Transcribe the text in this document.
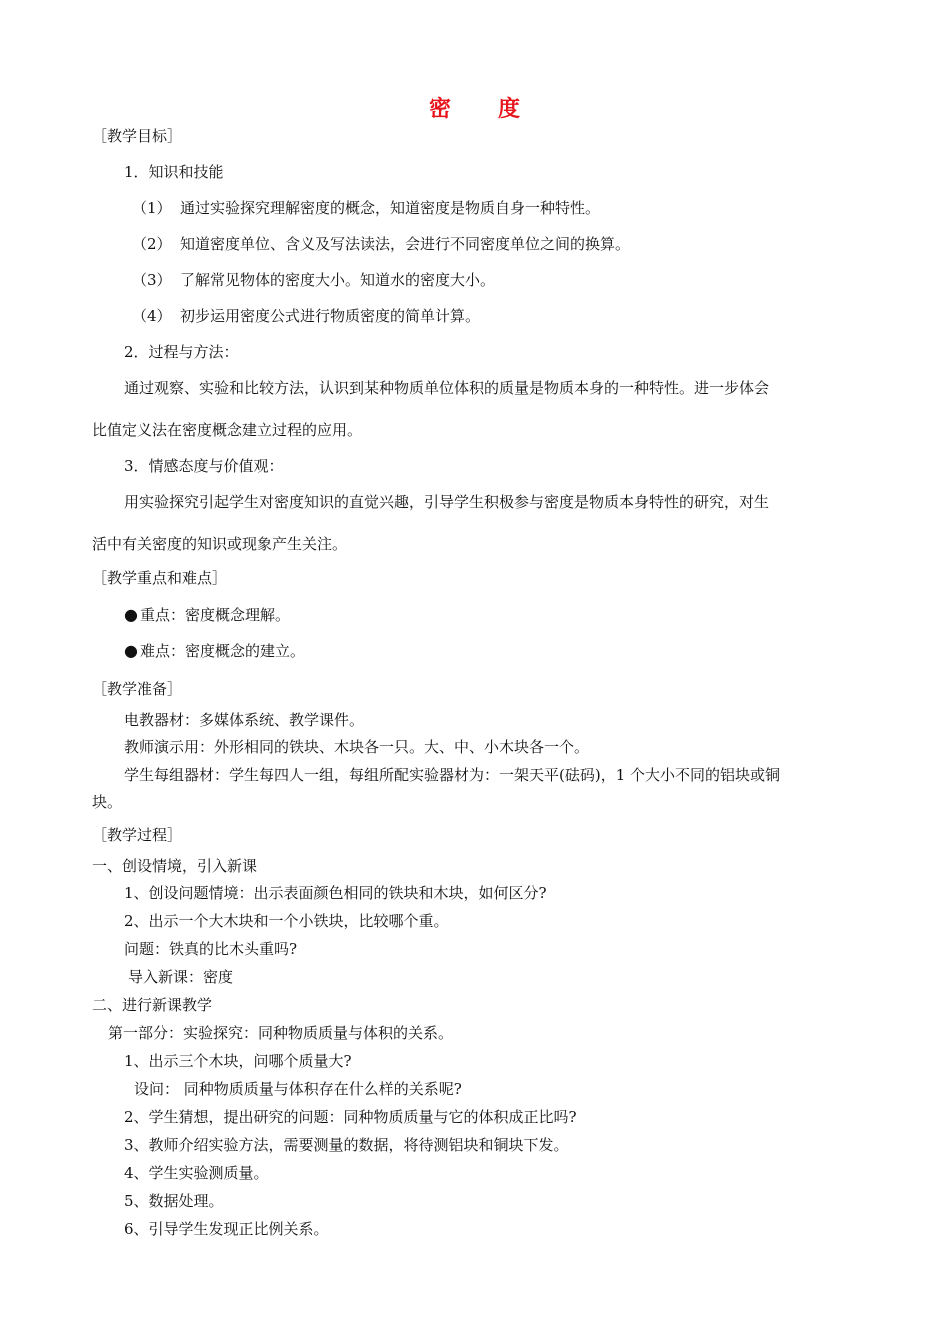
密 度
［教学目标］
1．知识和技能
（1） 通过实验探究理解密度的概念，知道密度是物质自身一种特性。
（2） 知道密度单位、含义及写法读法，会进行不同密度单位之间的换算。
（3） 了解常见物体的密度大小。知道水的密度大小。
（4） 初步运用密度公式进行物质密度的简单计算。
2．过程与方法：
通过观察、实验和比较方法，认识到某种物质单位体积的质量是物质本身的一种特性。进一步体会
比值定义法在密度概念建立过程的应用。
3．情感态度与价值观：
用实验探究引起学生对密度知识的直觉兴趣，引导学生积极参与密度是物质本身特性的研究，对生
活中有关密度的知识或现象产生关注。
［教学重点和难点］
● 重点：密度概念理解。
● 难点：密度概念的建立。
［教学准备］
电教器材：多媒体系统、教学课件。
教师演示用：外形相同的铁块、木块各一只。大、中、小木块各一个。
学生每组器材：学生每四人一组，每组所配实验器材为：一架天平(砝码)，1 个大小不同的铝块或铜
块。
［教学过程］
一、创设情境，引入新课
1、创设问题情境：出示表面颜色相同的铁块和木块，如何区分?
2、出示一个大木块和一个小铁块，比较哪个重。
问题：铁真的比木头重吗?
导入新课：密度
二、进行新课教学
第一部分：实验探究：同种物质质量与体积的关系。
1、出示三个木块，问哪个质量大?
设问： 同种物质质量与体积存在什么样的关系呢?
2、学生猜想，提出研究的问题：同种物质质量与它的体积成正比吗?
3、教师介绍实验方法，需要测量的数据，将待测铝块和铜块下发。
4、学生实验测质量。
5、数据处理。
6、引导学生发现正比例关系。
